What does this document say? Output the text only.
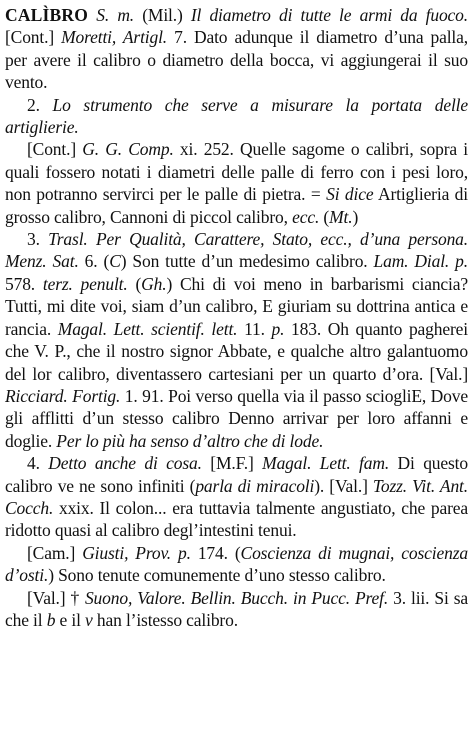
CALÌBRO S. m. (Mil.) Il diametro di tutte le armi da fuoco. [Cont.] Moretti, Artigl. 7. Dato adunque il diametro d’una palla, per avere il calibro o diametro della bocca, vi aggiungerai il suo vento.

2. Lo strumento che serve a misurare la portata delle artiglierie.

[Cont.] G. G. Comp. xi. 252. Quelle sagome o calibri, sopra i quali fossero notati i diametri delle palle di ferro con i pesi loro, non potranno servirci per le palle di pietra. = Si dice Artiglieria di grosso calibro, Cannoni di piccol calibro, ecc. (Mt.)

3. Trasl. Per Qualità, Carattere, Stato, ecc., d’una persona. Menz. Sat. 6. (C) Son tutte d’un medesimo calibro. Lam. Dial. p. 578. terz. penult. (Gh.) Chi di voi meno in barbarismi ciancia? Tutti, mi dite voi, siam d’un calibro, E giuriam su dottrina antica e rancia. Magal. Lett. scientif. lett. 11. p. 183. Oh quanto pagherei che V. P., che il nostro signor Abbate, e qualche altro galantuomo del lor calibro, diventassero cartesiani per un quarto d’ora. [Val.] Ricciard. Fortig. 1. 91. Poi verso quella via il passo sciogliE, Dove gli afflitti d’un stesso calibro Denno arrivar per loro affanni e doglie. Per lo più ha senso d’altro che di lode.

4. Detto anche di cosa. [M.F.] Magal. Lett. fam. Di questo calibro ve ne sono infiniti (parla di miracoli). [Val.] Tozz. Vit. Ant. Cocch. xxix. Il colon... era tuttavia talmente angustiato, che parea ridotto quasi al calibro degl’intestini tenui.

[Cam.] Giusti, Prov. p. 174. (Coscienza di mugnai, coscienza d’osti.) Sono tenute comunemente d’uno stesso calibro.

[Val.] † Suono, Valore. Bellin. Bucch. in Pucc. Pref. 3. lii. Si sa che il b e il v han l’istesso calibro.
